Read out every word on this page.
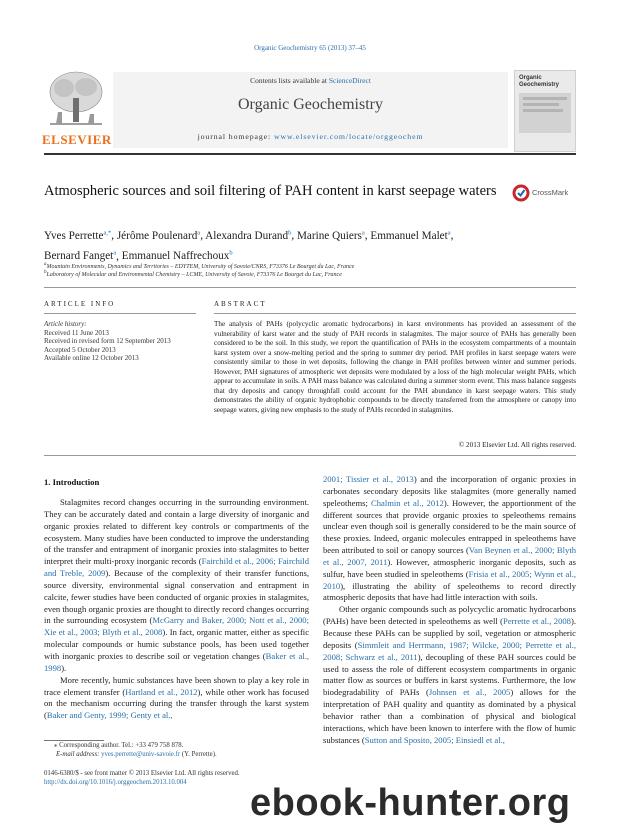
Organic Geochemistry 65 (2013) 37–45
ELSEVIER
Contents lists available at ScienceDirect
Organic Geochemistry
journal homepage: www.elsevier.com/locate/orggeochem
Organic Geochemistry
Atmospheric sources and soil filtering of PAH content in karst seepage waters	CrossMark
Yves Perrette$^{a,*}$, Jérôme Poulenard$^a$, Alexandra Durand$^b$, Marine Quiers$^a$, Emmanuel Malet$^a$,
Bernard Fanget$^a$, Emmanuel Naffrechoux$^b$
$^a$Mountain Environments, Dynamics and Territories – EDYTEM, University of Savoie/CNRS, F73376 Le Bourget du Lac, France
$^b$Laboratory of Molecular and Environmental Chemistry – LCME, University of Savoie, F73376 Le Bourget du Lac, France
ARTICLE INFO
Article history:
Received 11 June 2013
Received in revised form 12 September 2013
Accepted 5 October 2013
Available online 12 October 2013
ABSTRACT
The analysis of PAHs (polycyclic aromatic hydrocarbons) in karst environments has provided an assessment of the vulnerability of karst water and the study of PAH records in stalagmites. The major source of PAHs has generally been considered to be the soil. In this study, we report the quantification of PAHs in the ecosystem compartments of a mountain karst system over a snow-melting period and the spring to summer dry period. PAH profiles in karst seepage waters were consistently similar to those in wet deposits, following the change in PAH profiles between winter and summer periods. However, PAH signatures of atmospheric wet deposits were modulated by a loss of the high molecular weight PAHs, which appear to accumulate in soils. A PAH mass balance was calculated during a summer storm event. This mass balance suggests that dry deposits and canopy throughfall could account for the PAH abundance in karst seepage waters. This study demonstrates the ability of organic hydrophobic compounds to be directly transferred from the atmosphere or canopy into seepage waters, giving new emphasis to the study of PAHs recorded in stalagmites.
© 2013 Elsevier Ltd. All rights reserved.
1. Introduction

Stalagmites record changes occurring in the surrounding environment. They can be accurately dated and contain a large diversity of inorganic and organic proxies related to different key controls or compartments of the ecosystem. Many studies have been conducted to improve the understanding of the transfer and entrapment of inorganic proxies into stalagmites to better interpret their multi-proxy inorganic records (Fairchild et al., 2006; Fairchild and Treble, 2009). Because of the complexity of their transfer functions, source diversity, environmental signal conservation and entrapment in calcite, fewer studies have been conducted of organic proxies in stalagmites, even though organic proxies are thought to directly record changes occurring in the surrounding ecosystem (McGarry and Baker, 2000; Nott et al., 2000; Xie et al., 2003; Blyth et al., 2008). In fact, organic matter, either as specific molecular compounds or humic substance pools, has been used together with inorganic proxies to describe soil or vegetation changes (Baker et al., 1998).

More recently, humic substances have been shown to play a key role in trace element transfer (Hartland et al., 2012), while other work has focused on the mechanism occurring during the transfer through the karst system (Baker and Genty, 1999; Genty et al.,

2001; Tissier et al., 2013) and the incorporation of organic proxies in carbonates secondary deposits like stalagmites (more generally named speleothems; Chalmin et al., 2012). However, the apportionment of the different sources that provide organic proxies to speleothems remains unclear even though soil is generally considered to be the main source of these proxies. Indeed, organic molecules entrapped in speleothems have been attributed to soil or canopy sources (Van Beynen et al., 2000; Blyth et al., 2007, 2011). However, atmospheric inorganic deposits, such as sulfur, have been studied in speleothems (Frisia et al., 2005; Wynn et al., 2010), illustrating the ability of speleothems to record directly atmospheric deposits that have had little interaction with soils.

Other organic compounds such as polycyclic aromatic hydrocarbons (PAHs) have been detected in speleothems as well (Perrette et al., 2008). Because these PAHs can be supplied by soil, vegetation or atmospheric deposits (Simmleit and Herrmann, 1987; Wilcke, 2000; Perrette et al., 2008; Schwarz et al., 2011), decoupling of these PAH sources could be used to assess the role of different ecosystem compartments in organic matter flow as sources or buffers in karst systems. Furthermore, the low biodegradability of PAHs (Johnsen et al., 2005) allows for the interpretation of PAH quality and quantity as dominated by a physical behavior rather than a combination of physical and biological interactions, which have been known to interfere with the flow of humic substances (Sutton and Sposito, 2005; Einsiedl et al.,

⁎ Corresponding author. Tel.: +33 479 758 878.
E-mail address: yves.perrette@univ-savoie.fr (Y. Perrette).
0146-6380/$ - see front matter © 2013 Elsevier Ltd. All rights reserved.
http://dx.doi.org/10.1016/j.orggeochem.2013.10.004	ebook-hunter.org
